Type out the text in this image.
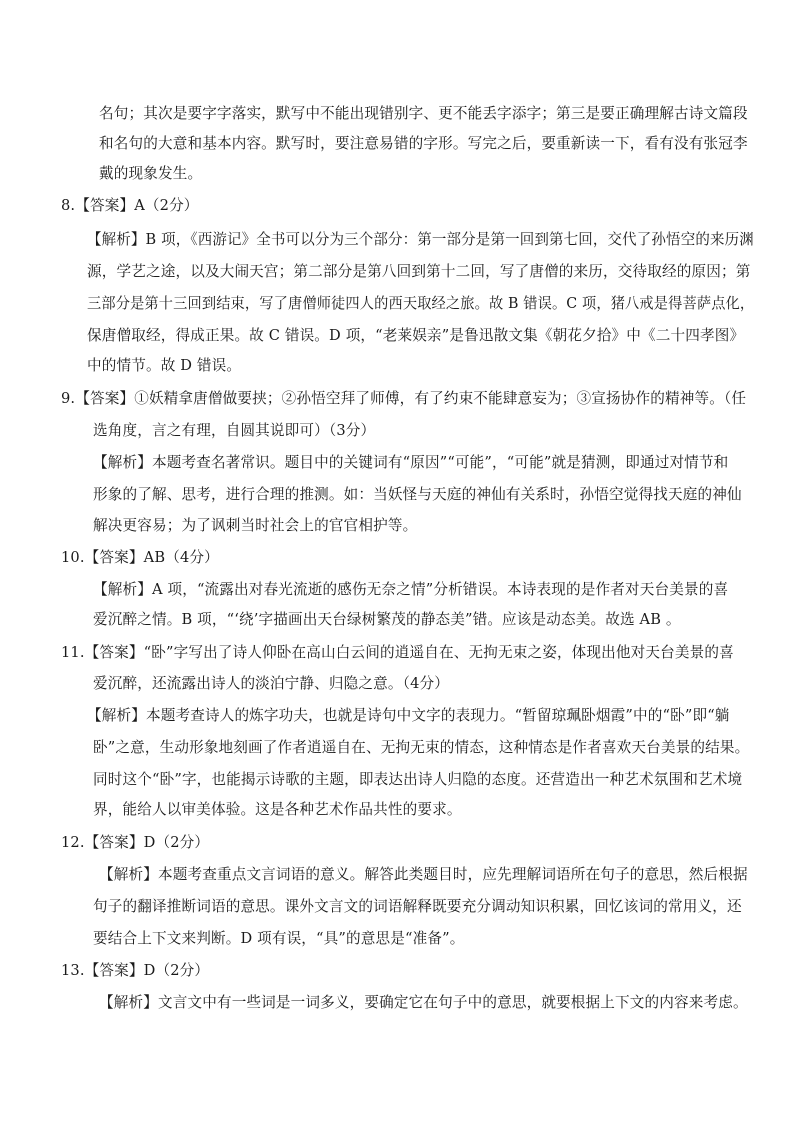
名句；其次是要字字落实，默写中不能出现错别字、更不能丢字添字；第三是要正确理解古诗文篇段
和名句的大意和基本内容。默写时，要注意易错的字形。写完之后，要重新读一下，看有没有张冠李
戴的现象发生。
8.【答案】A（2分）
【解析】B 项，《西游记》全书可以分为三个部分：第一部分是第一回到第七回，交代了孙悟空的来历渊
源，学艺之途，以及大闹天宫；第二部分是第八回到第十二回，写了唐僧的来历，交待取经的原因；第
三部分是第十三回到结束，写了唐僧师徒四人的西天取经之旅。故 B 错误。C 项，猪八戒是得菩萨点化，
保唐僧取经，得成正果。故 C 错误。D 项，“老莱娱亲”是鲁迅散文集《朝花夕拾》中《二十四孝图》
中的情节。故 D 错误。
9.【答案】①妖精拿唐僧做要挟；②孙悟空拜了师傅，有了约束不能肆意妄为；③宣扬协作的精神等。（任
选角度，言之有理，自圆其说即可）（3分）
【解析】本题考查名著常识。题目中的关键词有“原因”“可能”，“可能”就是猜测，即通过对情节和
形象的了解、思考，进行合理的推测。如：当妖怪与天庭的神仙有关系时，孙悟空觉得找天庭的神仙
解决更容易；为了讽刺当时社会上的官官相护等。
10.【答案】AB（4分）
【解析】A 项，“流露出对春光流逝的感伤无奈之情”分析错误。本诗表现的是作者对天台美景的喜
爱沉醉之情。B 项，“‘绕’字描画出天台绿树繁茂的静态美”错。应该是动态美。故选 AB 。
11.【答案】“卧”字写出了诗人仰卧在高山白云间的逍遥自在、无拘无束之姿，体现出他对天台美景的喜
爱沉醉，还流露出诗人的淡泊宁静、归隐之意。（4分）
【解析】本题考查诗人的炼字功夫，也就是诗句中文字的表现力。“暂留琼珮卧烟霞”中的“卧”即“躺
卧”之意，生动形象地刻画了作者逍遥自在、无拘无束的情态，这种情态是作者喜欢天台美景的结果。
同时这个“卧”字，也能揭示诗歌的主题，即表达出诗人归隐的态度。还营造出一种艺术氛围和艺术境
界，能给人以审美体验。这是各种艺术作品共性的要求。
12.【答案】D（2分）
【解析】本题考查重点文言词语的意义。解答此类题目时，应先理解词语所在句子的意思，然后根据
句子的翻译推断词语的意思。课外文言文的词语解释既要充分调动知识积累，回忆该词的常用义，还
要结合上下文来判断。D 项有误，“具”的意思是“准备”。
13.【答案】D（2分）
【解析】文言文中有一些词是一词多义，要确定它在句子中的意思，就要根据上下文的内容来考虑。
